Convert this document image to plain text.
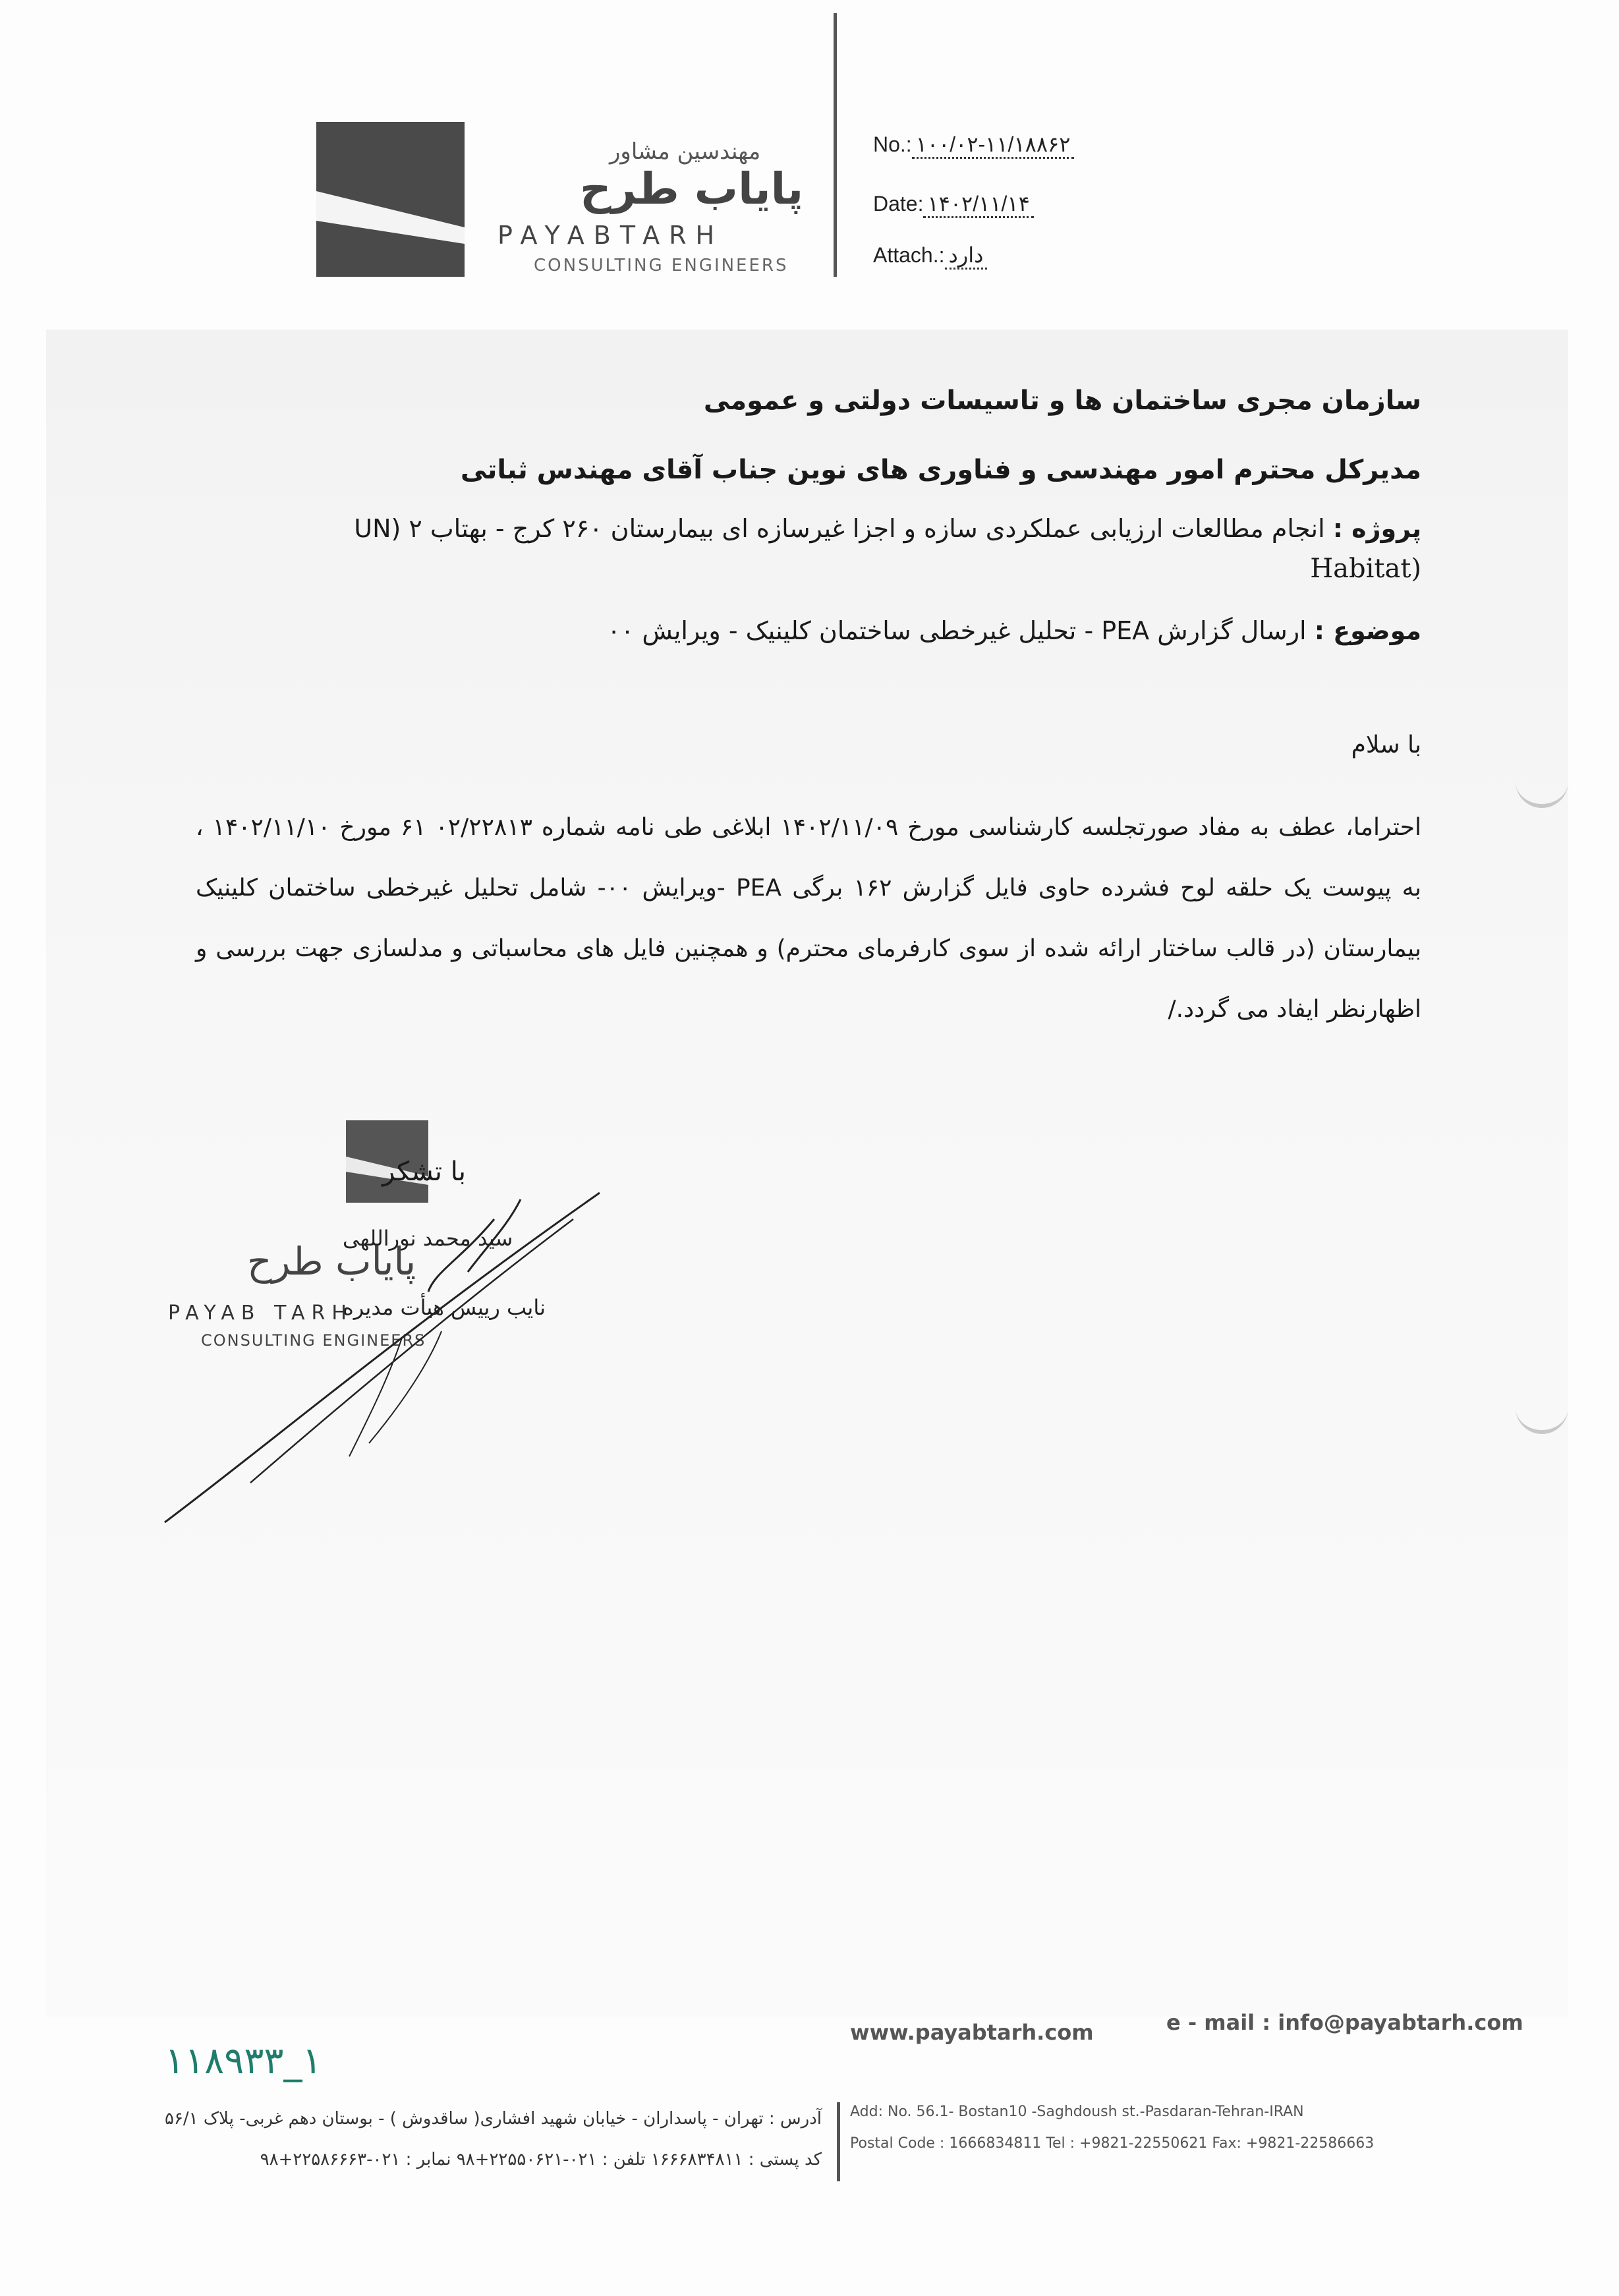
مهندسین مشاور
پایاب طرح
PAYABTARH
CONSULTING ENGINEERS
No.: ۱۰۰/۰۲-۱۱/۱۸۸۶۲
Date: ۱۴۰۲/۱۱/۱۴
Attach.: دارد
سازمان مجری ساختمان ها و تاسیسات دولتی و عمومی
مدیرکل محترم امور مهندسی و فناوری های نوین جناب آقای مهندس ثباتی
پروژه : انجام مطالعات ارزیابی عملکردی سازه و اجزا غیرسازه ای بیمارستان ۲۶۰ کرج - بهتاب ۲ (UN
(Habitat
موضوع : ارسال گزارش PEA - تحلیل غیرخطی ساختمان کلینیک - ویرایش ۰۰
با سلام
احتراما، عطف به مفاد صورتجلسه کارشناسی مورخ ۱۴۰۲/۱۱/۰۹ ابلاغی طی نامه شماره ۰۲/۲۲۸۱۳ ۶۱ مورخ ۱۴۰۲/۱۱/۱۰ ، به پیوست یک حلقه لوح فشرده حاوی فایل گزارش ۱۶۲ برگی PEA -ویرایش ۰۰- شامل تحلیل غیرخطی ساختمان کلینیک بیمارستان (در قالب ساختار ارائه شده از سوی کارفرمای محترم) و همچنین فایل های محاسباتی و مدلسازی جهت بررسی و اظهارنظر ایفاد می گردد./
با تشکر
سید محمد نوراللهی
پایاب طرح
نایب رییس هیأت مدیره
PAYAB TARH
CONSULTING ENGINEERS
www.payabtarh.com	e - mail : info@payabtarh.com
۱۱۸۹۳۳_۱
آدرس : تهران - پاسداران - خیابان شهید افشاری( ساقدوش ) - بوستان دهم غربی- پلاک ۵۶/۱
کد پستی : ۱۶۶۶۸۳۴۸۱۱ تلفن : ۰۲۱-۲۲۵۵۰۶۲۱+۹۸ نمابر : ۰۲۱-۲۲۵۸۶۶۶۳+۹۸
Add: No. 56.1- Bostan10 -Saghdoush st.-Pasdaran-Tehran-IRAN
Postal Code : 1666834811 Tel : +9821-22550621 Fax: +9821-22586663
